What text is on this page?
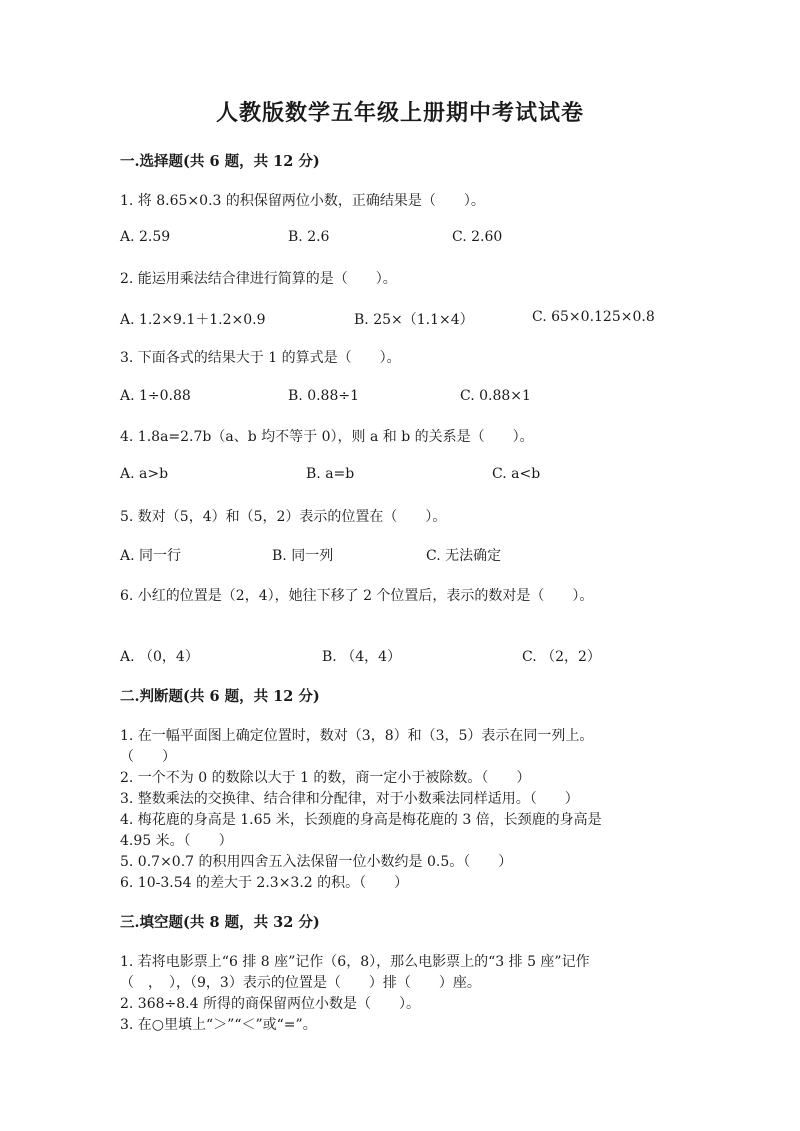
人教版数学五年级上册期中考试试卷
一.选择题(共 6 题，共 12 分)
1. 将 8.65×0.3 的积保留两位小数，正确结果是（　　）。
A. 2.59	B. 2.6	C. 2.60
2. 能运用乘法结合律进行简算的是（　　）。
A. 1.2×9.1＋1.2×0.9	B. 25×（1.1×4）	C. 65×0.125×0.8
3. 下面各式的结果大于 1 的算式是（　　）。
A. 1÷0.88	B. 0.88÷1	C. 0.88×1
4. 1.8a=2.7b（a、b 均不等于 0），则 a 和 b 的关系是（　　）。
A. a>b	B. a=b	C. a<b
5. 数对（5，4）和（5，2）表示的位置在（　　）。
A. 同一行	B. 同一列	C. 无法确定
6. 小红的位置是（2，4），她往下移了 2 个位置后，表示的数对是（　　）。
A. （0，4）	B. （4，4）	C. （2，2）
二.判断题(共 6 题，共 12 分)
1. 在一幅平面图上确定位置时，数对（3，8）和（3，5）表示在同一列上。
（　　）
2. 一个不为 0 的数除以大于 1 的数，商一定小于被除数。（　　）
3. 整数乘法的交换律、结合律和分配律，对于小数乘法同样适用。（　　）
4. 梅花鹿的身高是 1.65 米，长颈鹿的身高是梅花鹿的 3 倍，长颈鹿的身高是
4.95 米。（　　）
5. 0.7×0.7 的积用四舍五入法保留一位小数约是 0.5。（　　）
6. 10-3.54 的差大于 2.3×3.2 的积。（　　）
三.填空题(共 8 题，共 32 分)
1. 若将电影票上“6 排 8 座”记作（6，8），那么电影票上的“3 排 5 座”记作
（　，　），（9，3）表示的位置是（　　）排（　　）座。
2. 368÷8.4 所得的商保留两位小数是（　　）。
3. 在○里填上“＞”“＜”或“=”。
